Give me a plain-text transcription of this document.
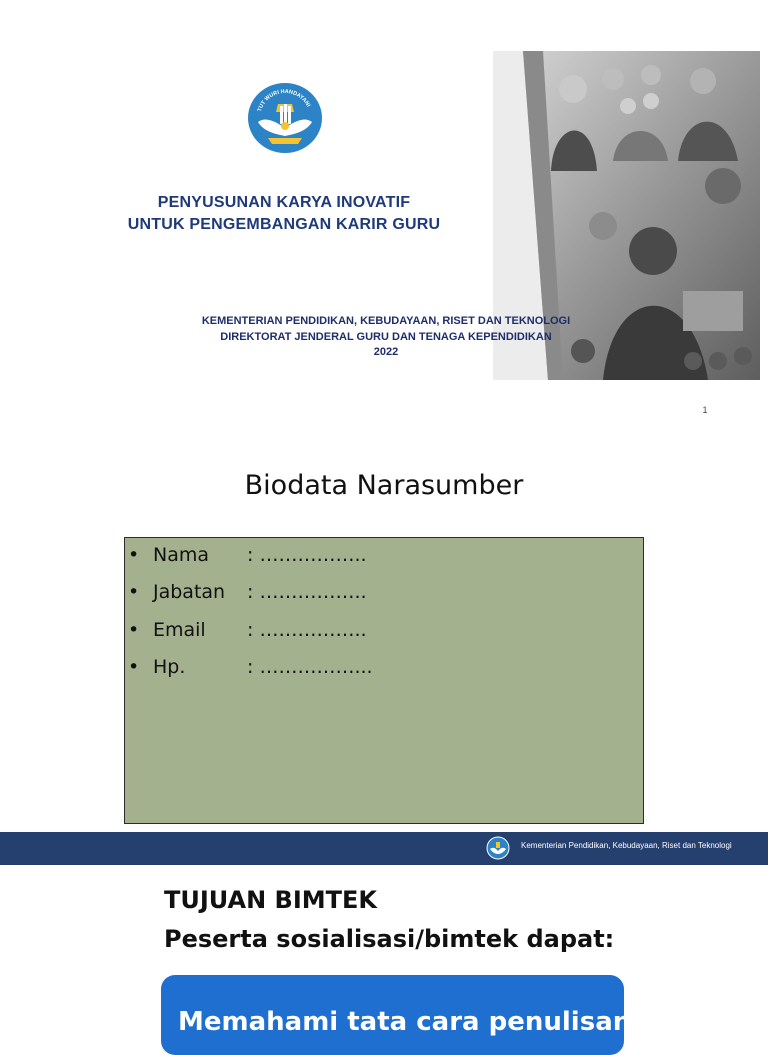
TUT WURI HANDAYANI
PENYUSUNAN KARYA INOVATIF
UNTUK PENGEMBANGAN KARIR GURU
KEMENTERIAN PENDIDIKAN, KEBUDAYAAN, RISET DAN TEKNOLOGI
DIREKTORAT JENDERAL GURU DAN TENAGA KEPENDIDIKAN
2022
1
Biodata Narasumber
• Nama : ……………..
• Jabatan : ……………..
• Email : ……………..
• Hp.	: ……………...
Kementerian Pendidikan, Kebudayaan, Riset dan Teknologi
TUJUAN BIMTEK
Peserta sosialisasi/bimtek dapat:
Memahami tata cara penulisan
